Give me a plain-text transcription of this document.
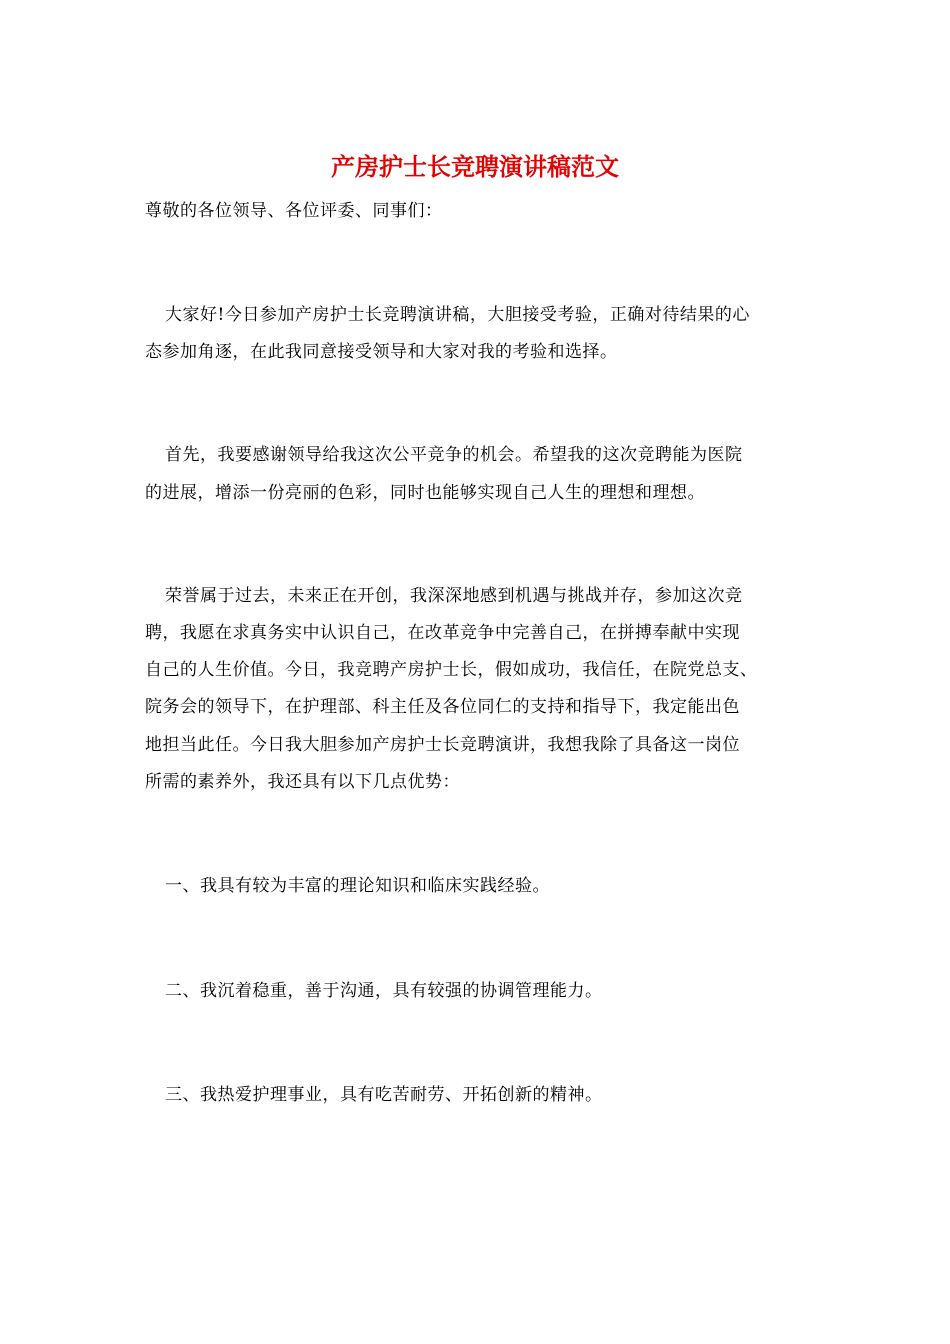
产房护士长竞聘演讲稿范文
尊敬的各位领导、各位评委、同事们：
大家好!今日参加产房护士长竞聘演讲稿，大胆接受考验，正确对待结果的心
态参加角逐，在此我同意接受领导和大家对我的考验和选择。
首先，我要感谢领导给我这次公平竞争的机会。希望我的这次竞聘能为医院
的进展，增添一份亮丽的色彩，同时也能够实现自己人生的理想和理想。
荣誉属于过去，未来正在开创，我深深地感到机遇与挑战并存，参加这次竞
聘，我愿在求真务实中认识自己，在改革竞争中完善自己，在拼搏奉献中实现
自己的人生价值。今日，我竞聘产房护士长，假如成功，我信任，在院党总支、
院务会的领导下，在护理部、科主任及各位同仁的支持和指导下，我定能出色
地担当此任。今日我大胆参加产房护士长竞聘演讲，我想我除了具备这一岗位
所需的素养外，我还具有以下几点优势：
一、我具有较为丰富的理论知识和临床实践经验。
二、我沉着稳重，善于沟通，具有较强的协调管理能力。
三、我热爱护理事业，具有吃苦耐劳、开拓创新的精神。
